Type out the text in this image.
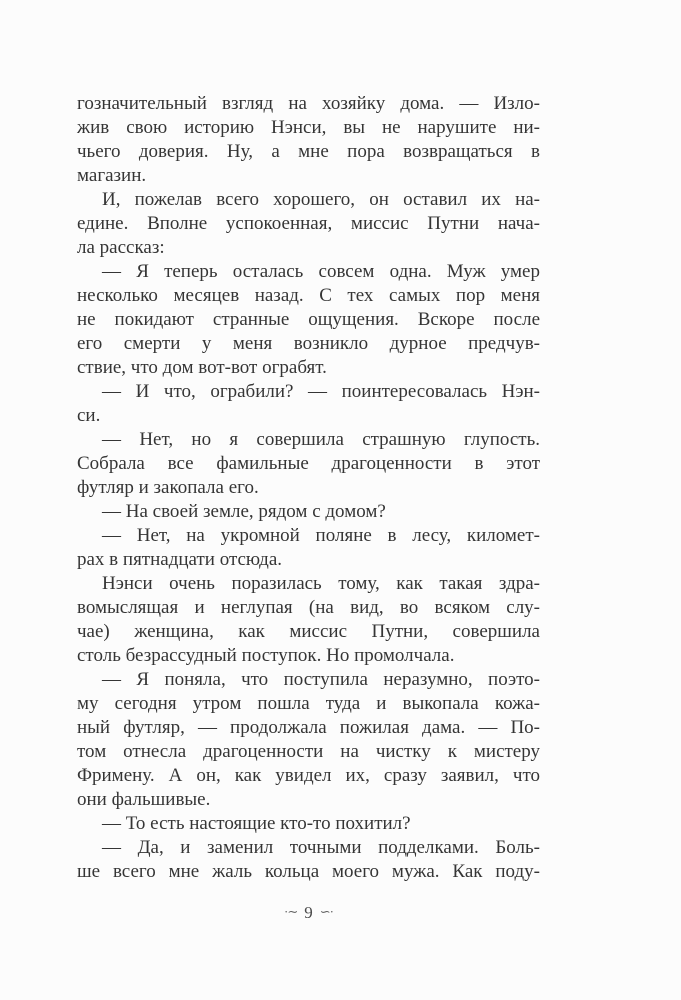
гозначительный взгляд на хозяйку дома. — Изло-
жив свою историю Нэнси, вы не нарушите ни-
чьего доверия. Ну, а мне пора возвращаться в
магазин.
И, пожелав всего хорошего, он оставил их на-
едине. Вполне успокоенная, миссис Путни нача-
ла рассказ:
— Я теперь осталась совсем одна. Муж умер
несколько месяцев назад. С тех самых пор меня
не покидают странные ощущения. Вскоре после
его смерти у меня возникло дурное предчув-
ствие, что дом вот-вот ограбят.
— И что, ограбили? — поинтересовалась Нэн-
си.
— Нет, но я совершила страшную глупость.
Собрала все фамильные драгоценности в этот
футляр и закопала его.
— На своей земле, рядом с домом?
— Нет, на укромной поляне в лесу, километ-
рах в пятнадцати отсюда.
Нэнси очень поразилась тому, как такая здра-
вомыслящая и неглупая (на вид, во всяком слу-
чае) женщина, как миссис Путни, совершила
столь безрассудный поступок. Но промолчала.
— Я поняла, что поступила неразумно, поэто-
му сегодня утром пошла туда и выкопала кожа-
ный футляр, — продолжала пожилая дама. — По-
том отнесла драгоценности на чистку к мистеру
Фримену. А он, как увидел их, сразу заявил, что
они фальшивые.
— То есть настоящие кто-то похитил?
— Да, и заменил точными подделками. Боль-
ше всего мне жаль кольца моего мужа. Как поду-
·∼ 9 ∽·
